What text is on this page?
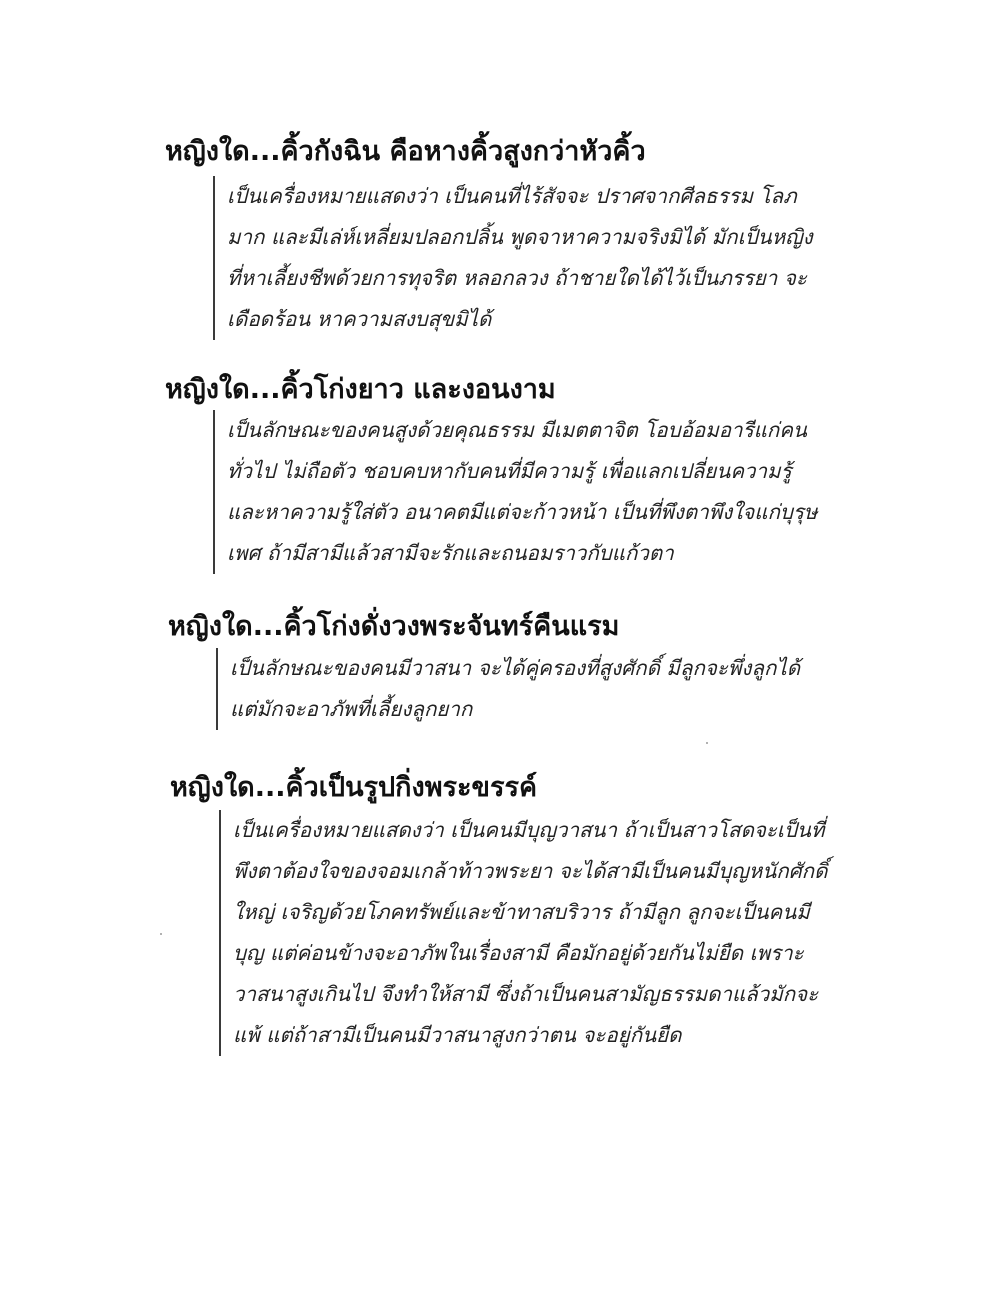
หญิงใด...คิ้วกังฉิน คือหางคิ้วสูงกว่าหัวคิ้ว
เป็นเครื่องหมายแสดงว่า เป็นคนที่ไร้สัจจะ ปราศจากศีลธรรม โลภ
มาก และมีเล่ห์เหลี่ยมปลอกปลิ้น พูดจาหาความจริงมิได้ มักเป็นหญิง
ที่หาเลี้ยงชีพด้วยการทุจริต หลอกลวง ถ้าชายใดได้ไว้เป็นภรรยา จะ
เดือดร้อน หาความสงบสุขมิได้
หญิงใด...คิ้วโก่งยาว และงอนงาม
เป็นลักษณะของคนสูงด้วยคุณธรรม มีเมตตาจิต โอบอ้อมอารีแก่คน
ทั่วไป ไม่ถือตัว ชอบคบหากับคนที่มีความรู้ เพื่อแลกเปลี่ยนความรู้
และหาความรู้ใส่ตัว อนาคตมีแต่จะก้าวหน้า เป็นที่พึงตาพึงใจแก่บุรุษ
เพศ ถ้ามีสามีแล้วสามีจะรักและถนอมราวกับแก้วตา
หญิงใด...คิ้วโก่งดั่งวงพระจันทร์คืนแรม
เป็นลักษณะของคนมีวาสนา จะได้คู่ครองที่สูงศักดิ์ มีลูกจะพึ่งลูกได้
แต่มักจะอาภัพที่เลี้ยงลูกยาก
หญิงใด...คิ้วเป็นรูปกิ่งพระขรรค์
เป็นเครื่องหมายแสดงว่า เป็นคนมีบุญวาสนา ถ้าเป็นสาวโสดจะเป็นที่
พึงตาต้องใจของจอมเกล้าท้าวพระยา จะได้สามีเป็นคนมีบุญหนักศักดิ์
ใหญ่ เจริญด้วยโภคทรัพย์และข้าทาสบริวาร ถ้ามีลูก ลูกจะเป็นคนมี
บุญ แต่ค่อนข้างจะอาภัพในเรื่องสามี คือมักอยู่ด้วยกันไม่ยืด เพราะ
วาสนาสูงเกินไป จึงทำให้สามี ซึ่งถ้าเป็นคนสามัญธรรมดาแล้วมักจะ
แพ้ แต่ถ้าสามีเป็นคนมีวาสนาสูงกว่าตน จะอยู่กันยืด
